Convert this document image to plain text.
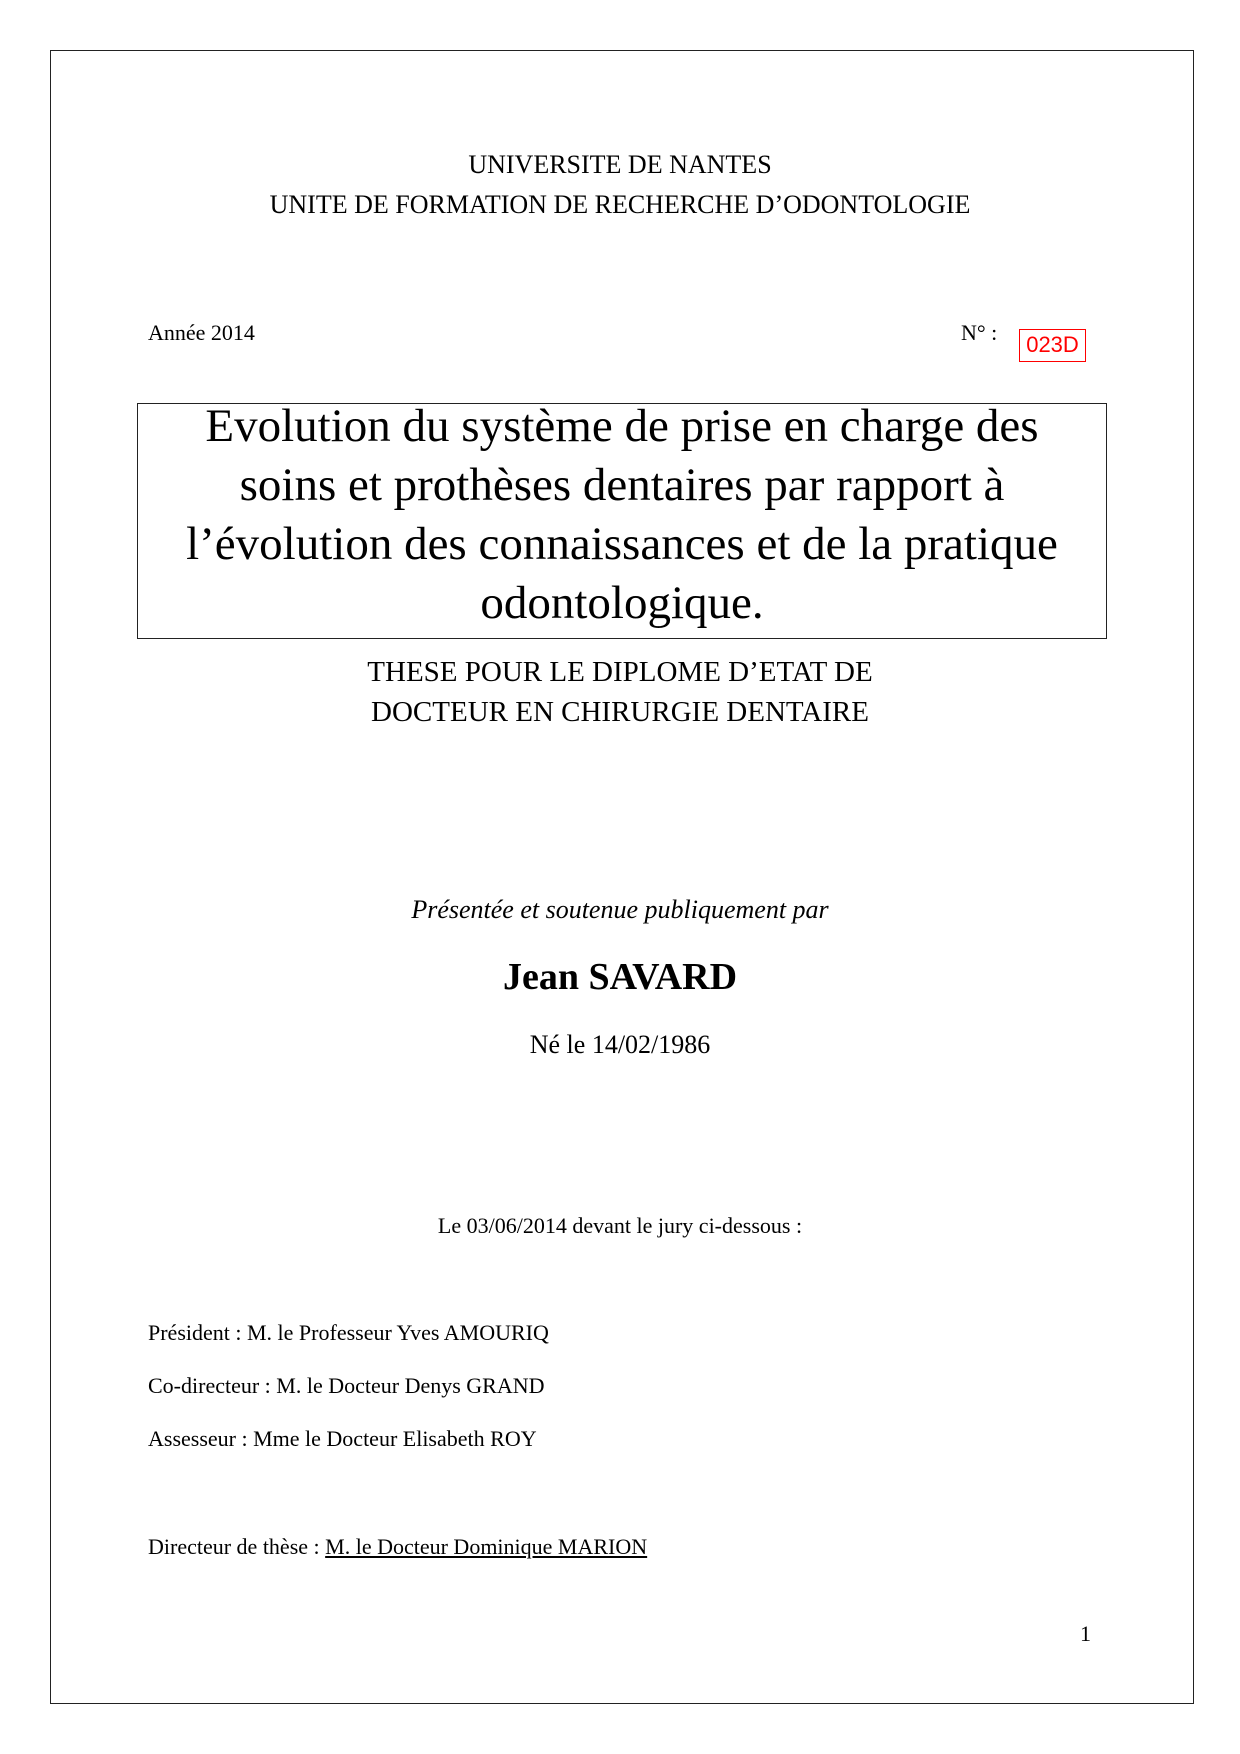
UNIVERSITE DE NANTES
UNITE DE FORMATION DE RECHERCHE D’ODONTOLOGIE
Année 2014	N° :	023D
Evolution du système de prise en charge des
soins et prothèses dentaires par rapport à
l’évolution des connaissances et de la pratique
odontologique.
THESE POUR LE DIPLOME D’ETAT DE
DOCTEUR EN CHIRURGIE DENTAIRE
Présentée et soutenue publiquement par
Jean SAVARD
Né le 14/02/1986
Le 03/06/2014 devant le jury ci-dessous :
Président : M. le Professeur Yves AMOURIQ
Co-directeur : M. le Docteur Denys GRAND
Assesseur : Mme le Docteur Elisabeth ROY
Directeur de thèse : M. le Docteur Dominique MARION
1
